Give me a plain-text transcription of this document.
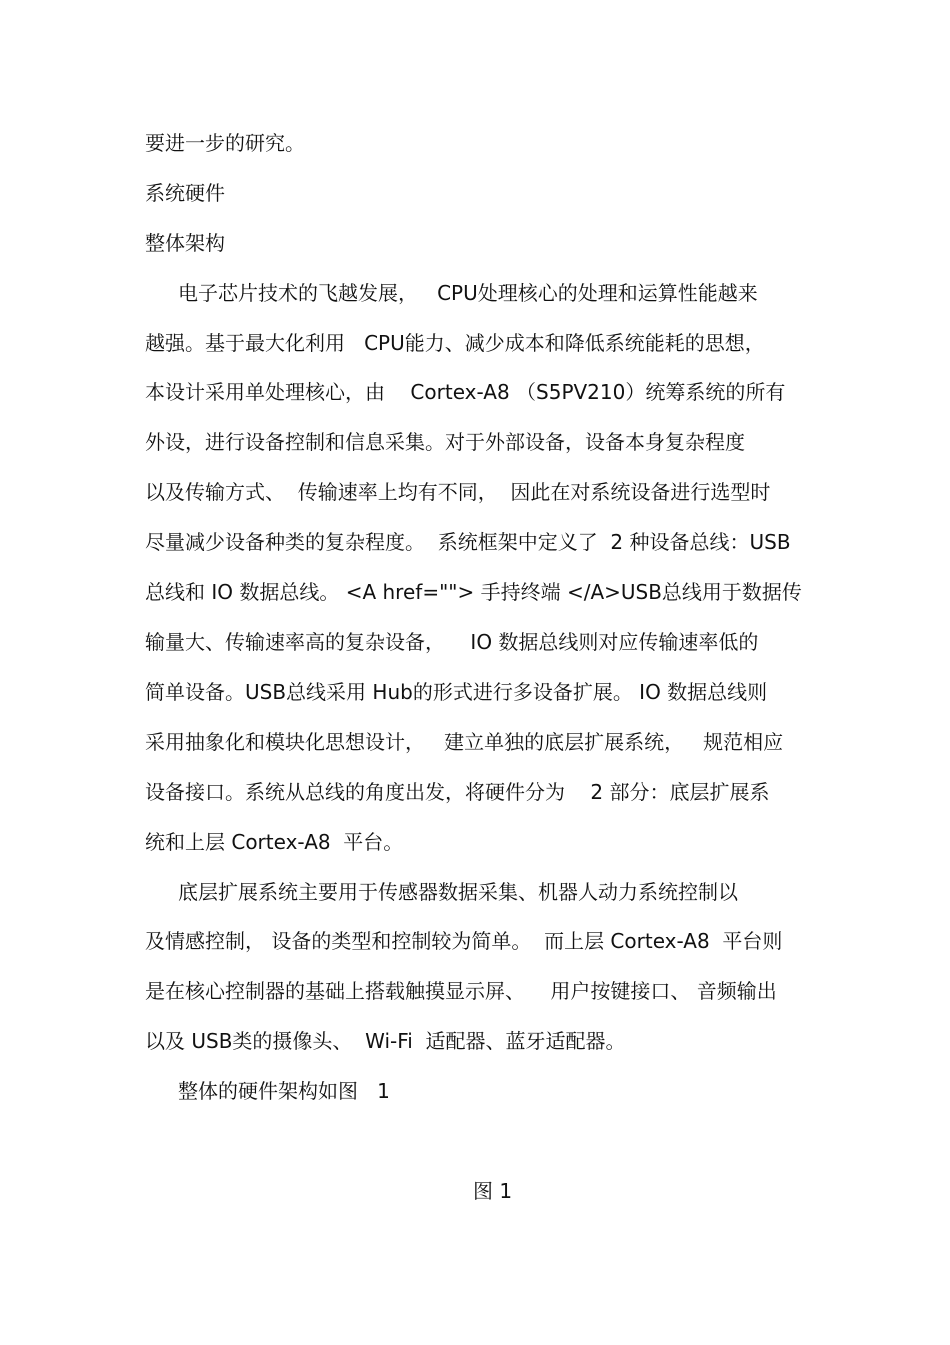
要进一步的研究。
系统硬件
整体架构
电子芯片技术的飞越发展，   CPU处理核心的处理和运算性能越来
越强。基于最大化利用   CPU能力、减少成本和降低系统能耗的思想，
本设计采用单处理核心，由    Cortex-A8 （S5PV210）统筹系统的所有
外设，进行设备控制和信息采集。对于外部设备，设备本身复杂程度
以及传输方式、  传输速率上均有不同，  因此在对系统设备进行选型时
尽量减少设备种类的复杂程度。  系统框架中定义了  2 种设备总线：USB
总线和 IO 数据总线。 <A href=""> 手持终端 </A>USB总线用于数据传
输量大、传输速率高的复杂设备，    IO 数据总线则对应传输速率低的
简单设备。USB总线采用 Hub的形式进行多设备扩展。 IO 数据总线则
采用抽象化和模块化思想设计，   建立单独的底层扩展系统，   规范相应
设备接口。系统从总线的角度出发，将硬件分为    2 部分：底层扩展系
统和上层 Cortex-A8  平台。
底层扩展系统主要用于传感器数据采集、机器人动力系统控制以
及情感控制， 设备的类型和控制较为简单。  而上层 Cortex-A8  平台则
是在核心控制器的基础上搭载触摸显示屏、    用户按键接口、 音频输出
以及 USB类的摄像头、  Wi-Fi  适配器、蓝牙适配器。
整体的硬件架构如图   1
图 1
